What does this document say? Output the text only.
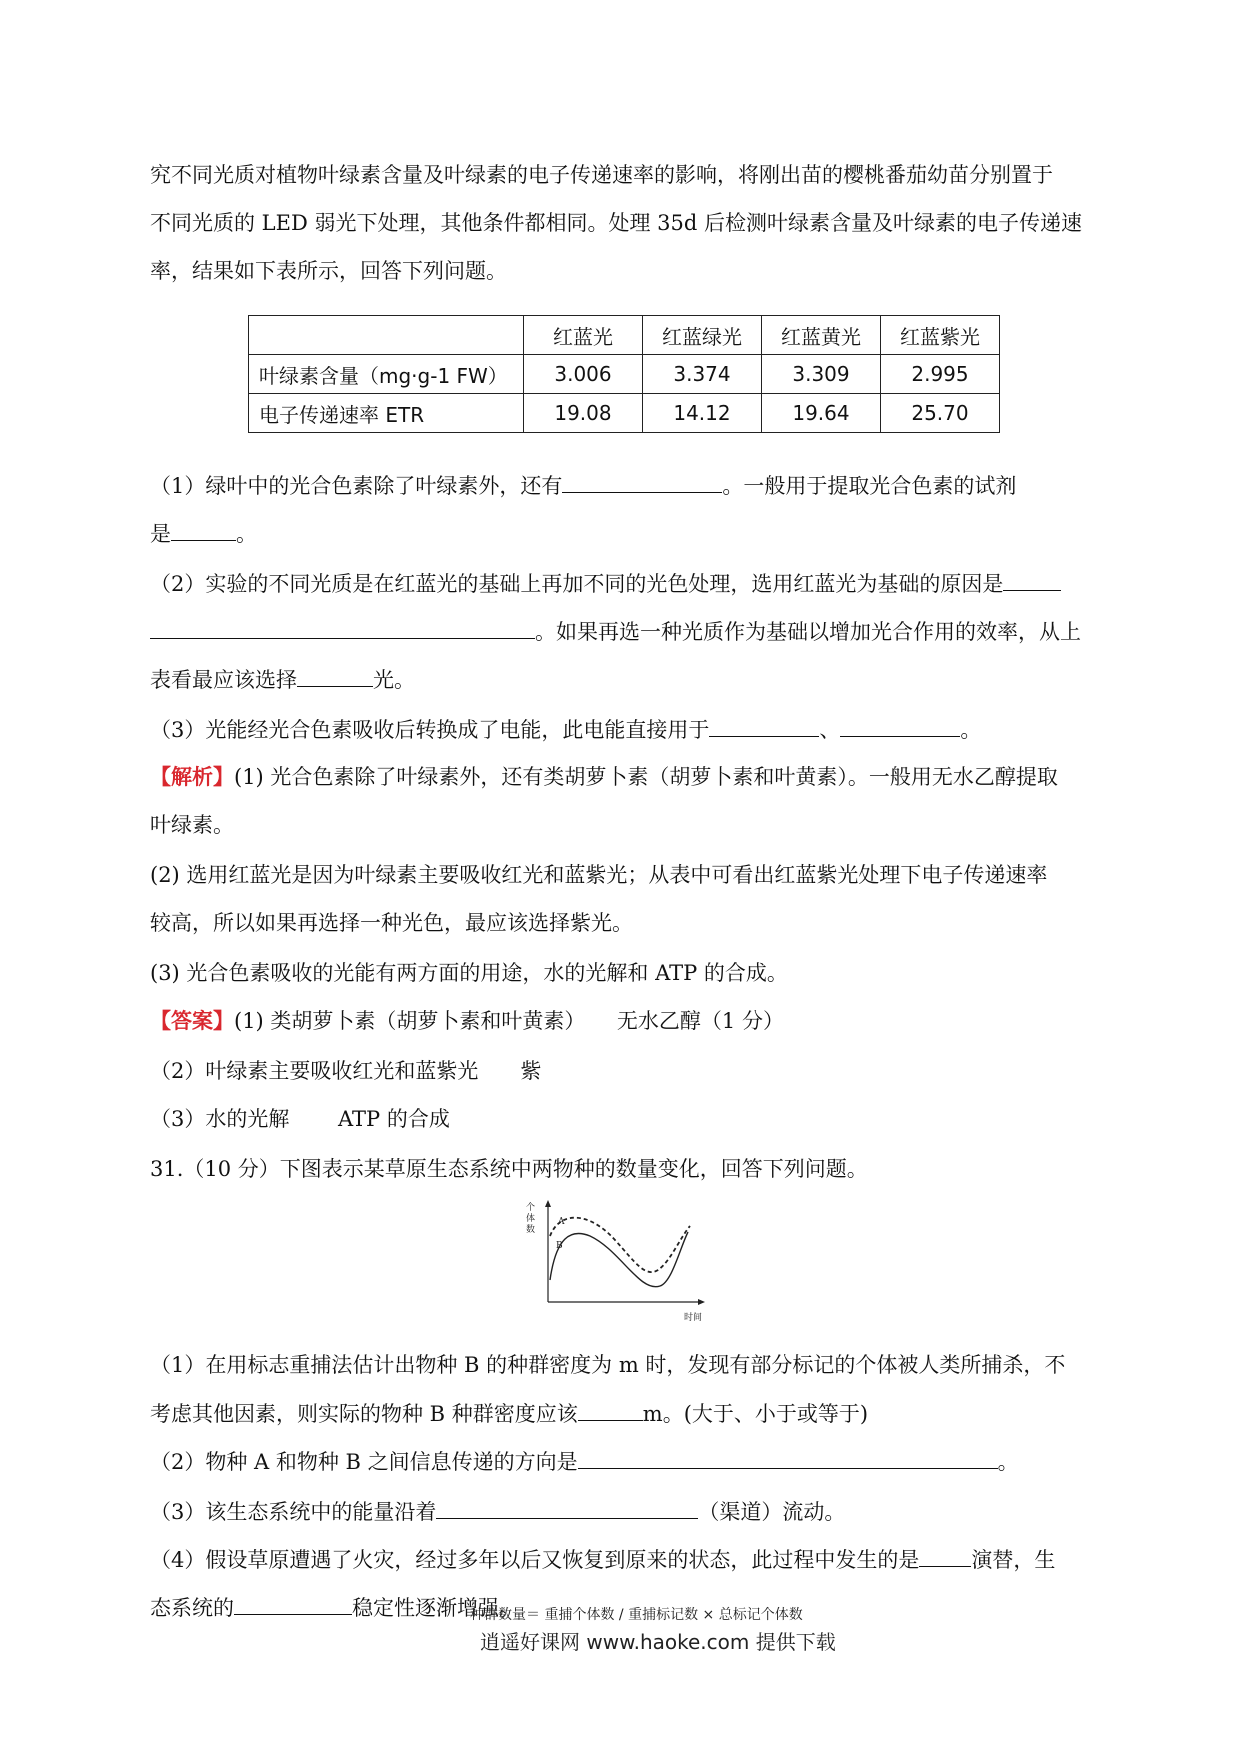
究不同光质对植物叶绿素含量及叶绿素的电子传递速率的影响，将刚出苗的樱桃番茄幼苗分别置于
不同光质的 LED 弱光下处理，其他条件都相同。处理 35d 后检测叶绿素含量及叶绿素的电子传递速
率，结果如下表所示，回答下列问题。
	红蓝光	红蓝绿光	红蓝黄光	红蓝紫光
叶绿素含量（mg·g-1 FW）	3.006	3.374	3.309	2.995
电子传递速率 ETR	19.08	14.12	19.64	25.70
（1）绿叶中的光合色素除了叶绿素外，还有	。一般用于提取光合色素的试剂
是	。
（2）实验的不同光质是在红蓝光的基础上再加不同的光色处理，选用红蓝光为基础的原因是
。如果再选一种光质作为基础以增加光合作用的效率，从上
表看最应该选择	光。
（3）光能经光合色素吸收后转换成了电能，此电能直接用于	、	。
【解析】(1) 光合色素除了叶绿素外，还有类胡萝卜素（胡萝卜素和叶黄素）。一般用无水乙醇提取
叶绿素。
(2) 选用红蓝光是因为叶绿素主要吸收红光和蓝紫光；从表中可看出红蓝紫光处理下电子传递速率
较高，所以如果再选择一种光色，最应该选择紫光。
(3) 光合色素吸收的光能有两方面的用途，水的光解和 ATP 的合成。
【答案】(1) 类胡萝卜素（胡萝卜素和叶黄素）　　无水乙醇（1 分）
（2）叶绿素主要吸收红光和蓝紫光　　紫
（3）水的光解　　 ATP 的合成
31.（10 分）下图表示某草原生态系统中两物种的数量变化，回答下列问题。
个
体
数
时间
A
B
（1）在用标志重捕法估计出物种 B 的种群密度为 m 时，发现有部分标记的个体被人类所捕杀，不
考虑其他因素，则实际的物种 B 种群密度应该	m。(大于、小于或等于)
（2）物种 A 和物种 B 之间信息传递的方向是	。
（3）该生态系统中的能量沿着	（渠道）流动。
（4）假设草原遭遇了火灾，经过多年以后又恢复到原来的状态，此过程中发生的是 演替，生
态系统的	稳定性逐渐增强。
种群数量＝ 重捕个体数 / 重捕标记数 × 总标记个体数
逍遥好课网 www.haoke.com 提供下载
